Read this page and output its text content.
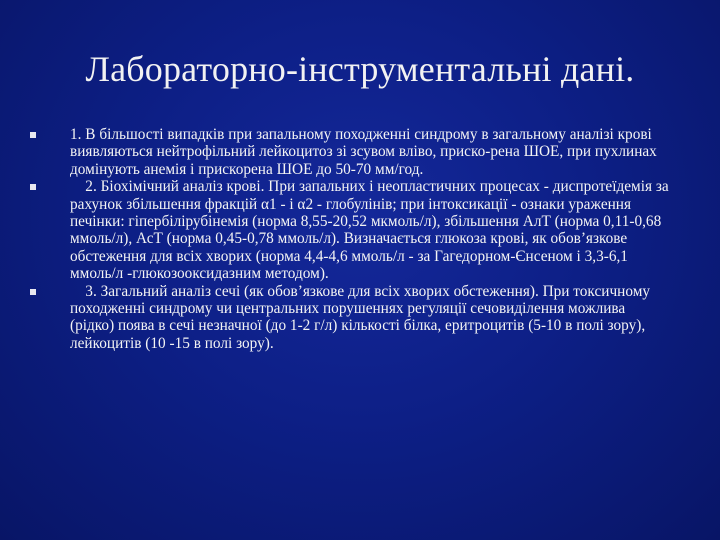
Лабораторно-інструментальні дані.
1. В більшості випадків при запальному походженні синдрому в загальному аналізі крові виявляються нейтрофільний лейкоцитоз зі зсувом вліво, приско-рена ШОЕ, при пухлинах домінують анемія і прискорена ШОЕ до 50-70 мм/год.
2. Біохімічний аналіз крові. При запальних і неопластичних процесах - диспротеїдемія за рахунок збільшення фракцій α1 - і α2 - глобулінів; при інтоксикації - ознаки ураження печінки: гіпербілірубінемія (норма 8,55-20,52 мкмоль/л), збільшення АлТ (норма 0,11-0,68 ммоль/л), АсТ (норма 0,45-0,78 ммоль/л). Визначається глюкоза крові, як обов’язкове обстеження для всіх хворих (норма 4,4-4,6 ммоль/л - за Гагедорном-Єнсеном і 3,3-6,1 ммоль/л -глюкозооксидазним методом).
3. Загальний аналіз сечі (як обов’язкове для всіх хворих обстеження). При токсичному походженні синдрому чи центральних порушеннях регуляції сечовиділення можлива (рідко) поява в сечі незначної (до 1-2 г/л) кількості білка, еритроцитів (5-10 в полі зору), лейкоцитів (10 -15 в полі зору).
